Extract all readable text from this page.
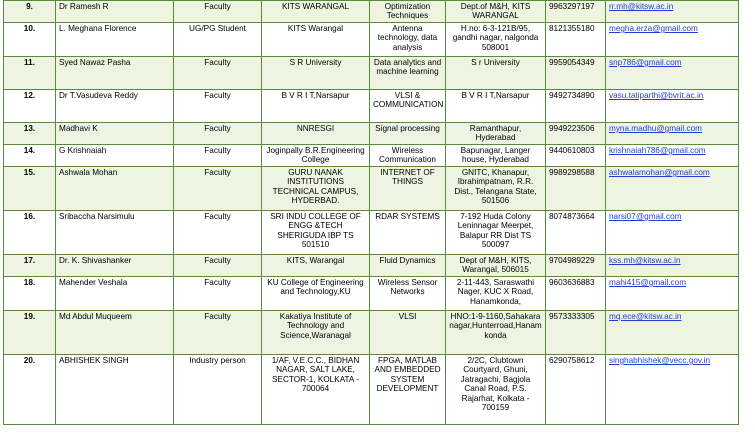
9.	Dr Ramesh R	Faculty	KITS WARANGAL	Optimization Techniques	Dept.of M&H, KITS WARANGAL	9963297197	rr.mh@kitsw.ac.in
10.	L. Meghana Florence	UG/PG Student	KITS Warangal	Antenna technology, data analysis	H.no: 6-3-121B/95, gandhi nagar, nalgonda 508001	8121355180	megha.erza@gmail.com
11.	Syed Nawaz Pasha	Faculty	S R University	Data analytics and machine learning	S r University	9959054349	snp786@gmail.com
12.	Dr T.Vasudeva Reddy	Faculty	B V R I T,Narsapur	VLSI & COMMUNICATION	B V R I T,Narsapur	9492734890	vasu.tatiparthi@bvrit.ac.in
13.	Madhavi K	Faculty	NNRESGI	Signal processing	Ramanthapur, Hyderabad	9949223506	myna.madhu@gmail.com
14.	G Krishnaiah	Faculty	Joginpally B.R.Engineering College	Wireless Communication	Bapunagar, Langer house, Hyderabad	9440610803	krishnaiah786@gmail.com
15.	Ashwala Mohan	Faculty	GURU NANAK INSTITUTIONS TECHNICAL CAMPUS, HYDERBAD.	INTERNET OF THINGS	GNITC, Khanapur, Ibrahimpatnam, R.R. Dist., Telangana State, 501506	9989298588	ashwalamohan@gmail.com
16.	Sribaccha Narsimulu	Faculty	SRI INDU COLLEGE OF ENGG &TECH SHERIGUDA IBP TS 501510	RDAR SYSTEMS	7-192 Huda Colony Leninnagar Meerpet, Balapur RR Dist TS 500097	8074873664	narsi07@gmail.com
17.	Dr. K. Shivashanker	Faculty	KITS, Warangal	Fluid Dynamics	Dept of M&H, KITS, Warangal, 506015	9704989229	kss.mh@kitsw.ac.in
18.	Mahender Veshala	Faculty	KU College of Engineering and Technology,KU	Wireless Sensor Networks	2-11-443, Saraswathi Nager, KUC X Road, Hanamkonda,	9603636883	mahi415@gmail.com
19.	Md Abdul Muqueem	Faculty	Kakatiya Institute of Technology and Science,Waranagal	VLSI	HNO:1-9-1160,Sahakaranagar,Hunterroad,Hanamkonda	9573333305	mq.ece@kitsw.ac.in
20.	ABHISHEK SINGH	Industry person	1/AF, V.E.C.C., BIDHAN NAGAR, SALT LAKE, SECTOR-1, KOLKATA - 700064	FPGA, MATLAB AND EMBEDDED SYSTEM DEVELOPMENT	2/2C, Clubtown Courtyard, Ghuni, Jatragachi, Bagjola Canal Road, P.S. Rajarhat, Kolkata - 700159	6290758612	singhabhishek@vecc.gov.in
